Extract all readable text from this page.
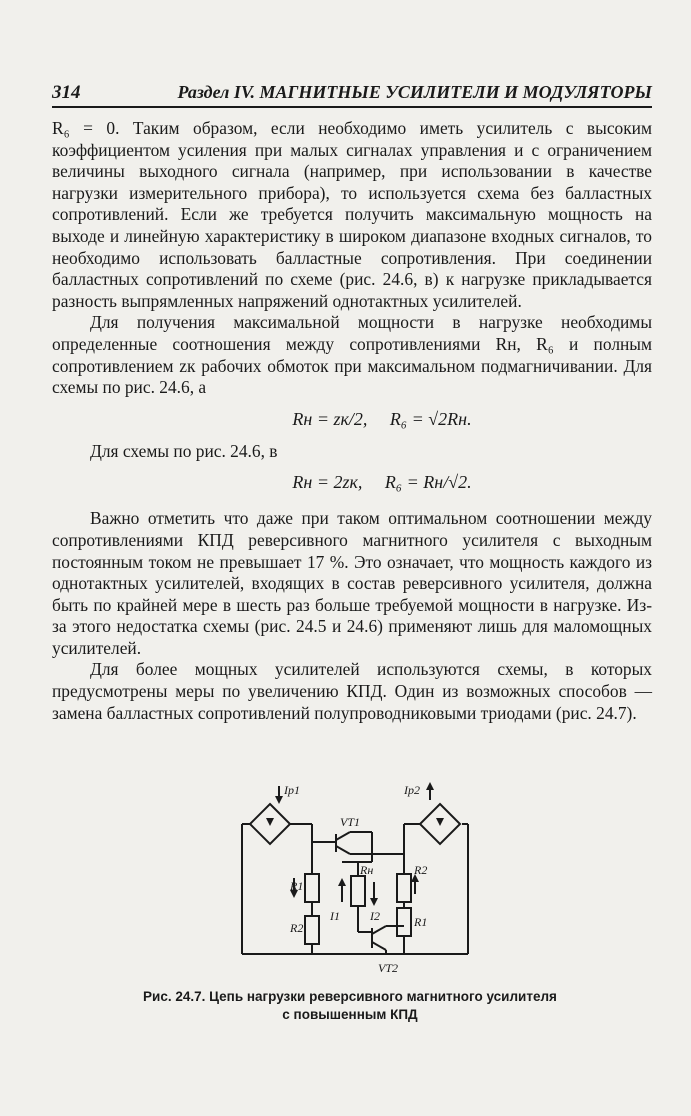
314	Раздел IV. МАГНИТНЫЕ УСИЛИТЕЛИ И МОДУЛЯТОРЫ

R₆ = 0. Таким образом, если необходимо иметь усилитель с высоким коэффициентом усиления при малых сигналах управления и с ограничением величины выходного сигнала (например, при использовании в качестве нагрузки измерительного прибора), то используется схема без балластных сопротивлений. Если же требуется получить максимальную мощность на выходе и линейную характеристику в широком диапазоне входных сигналов, то необходимо использовать балластные сопротивления. При соединении балластных сопротивлений по схеме (рис. 24.6, в) к нагрузке прикладывается разность выпрямленных напряжений однотактных усилителей.

Для получения максимальной мощности в нагрузке необходимы определенные соотношения между сопротивлениями Rн, R₆ и полным сопротивлением zк рабочих обмоток при максимальном подмагничивании. Для схемы по рис. 24.6, а

Rн = zк/2,     R₆ = √2Rн.

Для схемы по рис. 24.6, в

Rн = 2zк,     R₆ = Rн/√2.

Важно отметить что даже при таком оптимальном соотношении между сопротивлениями КПД реверсивного магнитного усилителя с выходным постоянным током не превышает 17 %. Это означает, что мощность каждого из однотактных усилителей, входящих в состав реверсивного усилителя, должна быть по крайней мере в шесть раз больше требуемой мощности в нагрузке. Из-за этого недостатка схемы (рис. 24.5 и 24.6) применяют лишь для маломощных усилителей.

Для более мощных усилителей используются схемы, в которых предусмотрены меры по увеличению КПД. Один из возможных способов — замена балластных сопротивлений полупроводниковыми триодами (рис. 24.7).

Iр1	Iр2
VT1
Rн
R1
R2
I1	I2
R2
R1
VT2
Рис. 24.7. Цепь нагрузки реверсивного магнитного усилителя
с повышенным КПД
